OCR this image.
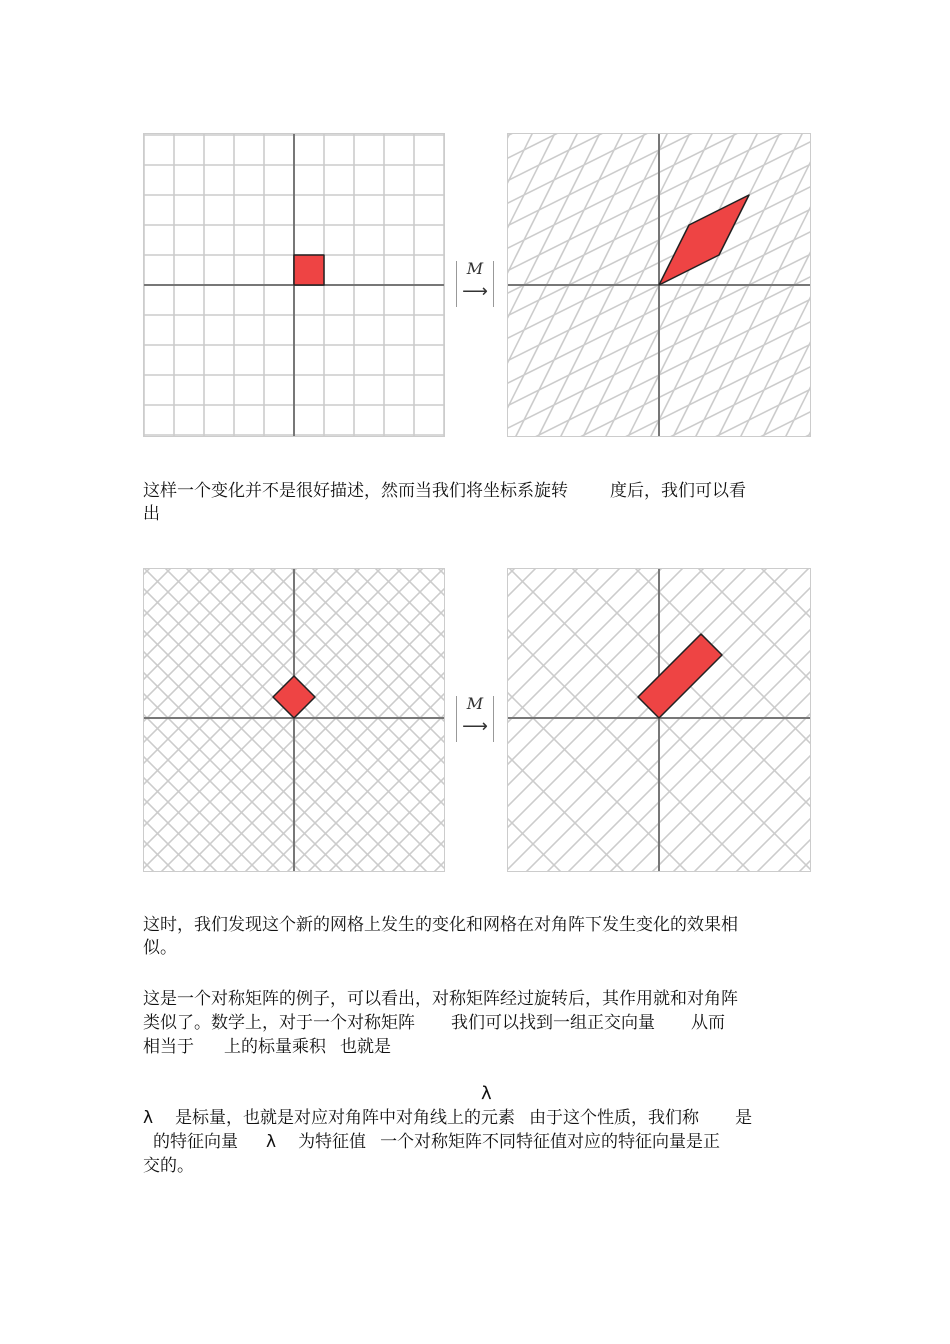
M
⟶
这样一个变化并不是很好描述，然而当我们将坐标系旋转 度后，我们可以看
出
M
⟶
这时，我们发现这个新的网格上发生的变化和网格在对角阵下发生变化的效果相
似。
这是一个对称矩阵的例子，可以看出，对称矩阵经过旋转后，其作用就和对角阵
类似了。数学上，对于一个对称矩阵 我们可以找到一组正交向量 从而
相当于 上的标量乘积 也就是
λ
λ 是标量，也就是对应对角阵中对角线上的元素 由于这个性质，我们称 是
的特征向量 λ 为特征值 一个对称矩阵不同特征值对应的特征向量是正
交的。
